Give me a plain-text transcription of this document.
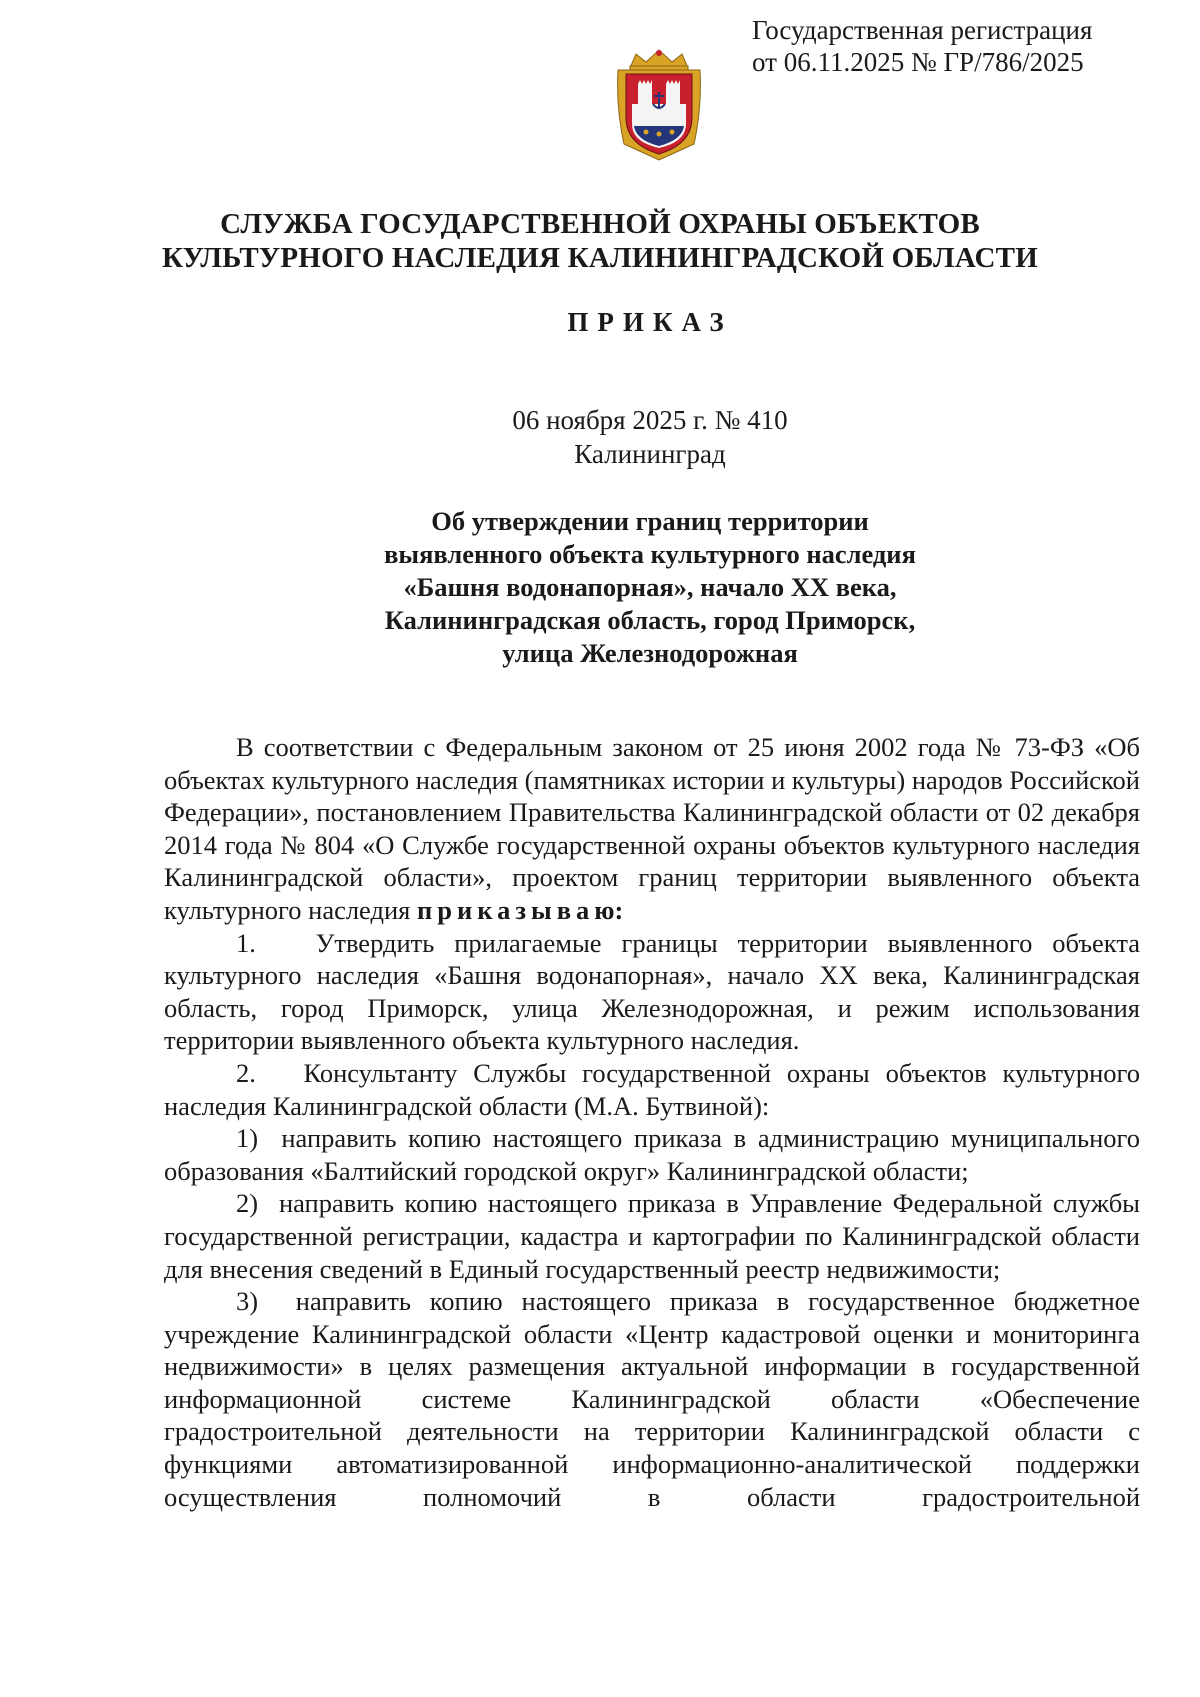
Государственная регистрация
от 06.11.2025 № ГР/786/2025
СЛУЖБА ГОСУДАРСТВЕННОЙ ОХРАНЫ ОБЪЕКТОВ
КУЛЬТУРНОГО НАСЛЕДИЯ КАЛИНИНГРАДСКОЙ ОБЛАСТИ
ПРИКАЗ
06 ноября 2025 г. № 410
Калининград
Об утверждении границ территории
выявленного объекта культурного наследия
«Башня водонапорная», начало XX века,
Калининградская область, город Приморск,
улица Железнодорожная

В соответствии с Федеральным законом от 25 июня 2002 года № 73-ФЗ «Об объектах культурного наследия (памятниках истории и культуры) народов Российской Федерации», постановлением Правительства Калининградской области от 02 декабря 2014 года № 804 «О Службе государственной охраны объектов культурного наследия Калининградской области», проектом границ территории выявленного объекта культурного наследия приказываю:

1.   Утвердить прилагаемые границы территории выявленного объекта культурного наследия «Башня водонапорная», начало XX века, Калининградская область, город Приморск, улица Железнодорожная, и режим использования территории выявленного объекта культурного наследия.

2.   Консультанту Службы государственной охраны объектов культурного наследия Калининградской области (М.А. Бутвиной):

1)  направить копию настоящего приказа в администрацию муниципального образования «Балтийский городской округ» Калининградской области;

2)  направить копию настоящего приказа в Управление Федеральной службы государственной регистрации, кадастра и картографии по Калининградской области для внесения сведений в Единый государственный реестр недвижимости;

3)  направить копию настоящего приказа в государственное бюджетное учреждение Калининградской области «Центр кадастровой оценки и мониторинга недвижимости» в целях размещения актуальной информации в государственной информационной системе Калининградской области «Обеспечение градостроительной деятельности на территории Калининградской области с функциями автоматизированной информационно-аналитической поддержки осуществления полномочий в области градостроительной
